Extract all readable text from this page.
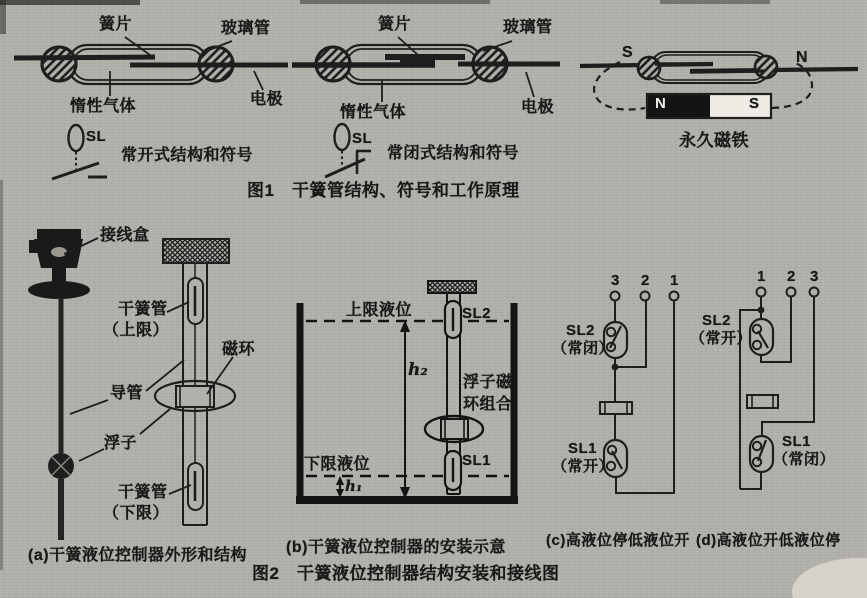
簧片	玻璃管
惰性气体	电极
SL
常开式结构和符号
簧片	玻璃管
惰性气体	电极
SL
常闭式结构和符号
S	N
N	S
永久磁铁
图1　干簧管结构、符号和工作原理
接线盒
干簧管
（上限）
磁环
导管
浮子
干簧管
（下限）
(a)干簧液位控制器外形和结构
上限液位	SL2
h₂
浮子磁
环组合
下限液位	SL1
h₁
(b)干簧液位控制器的安装示意
3 2 1
SL2
（常闭）
SL1
（常开）
(c)高液位停低液位开
1 2 3
SL2
（常开）
SL1
（常闭）
(d)高液位开低液位停
图2　干簧液位控制器结构安装和接线图
